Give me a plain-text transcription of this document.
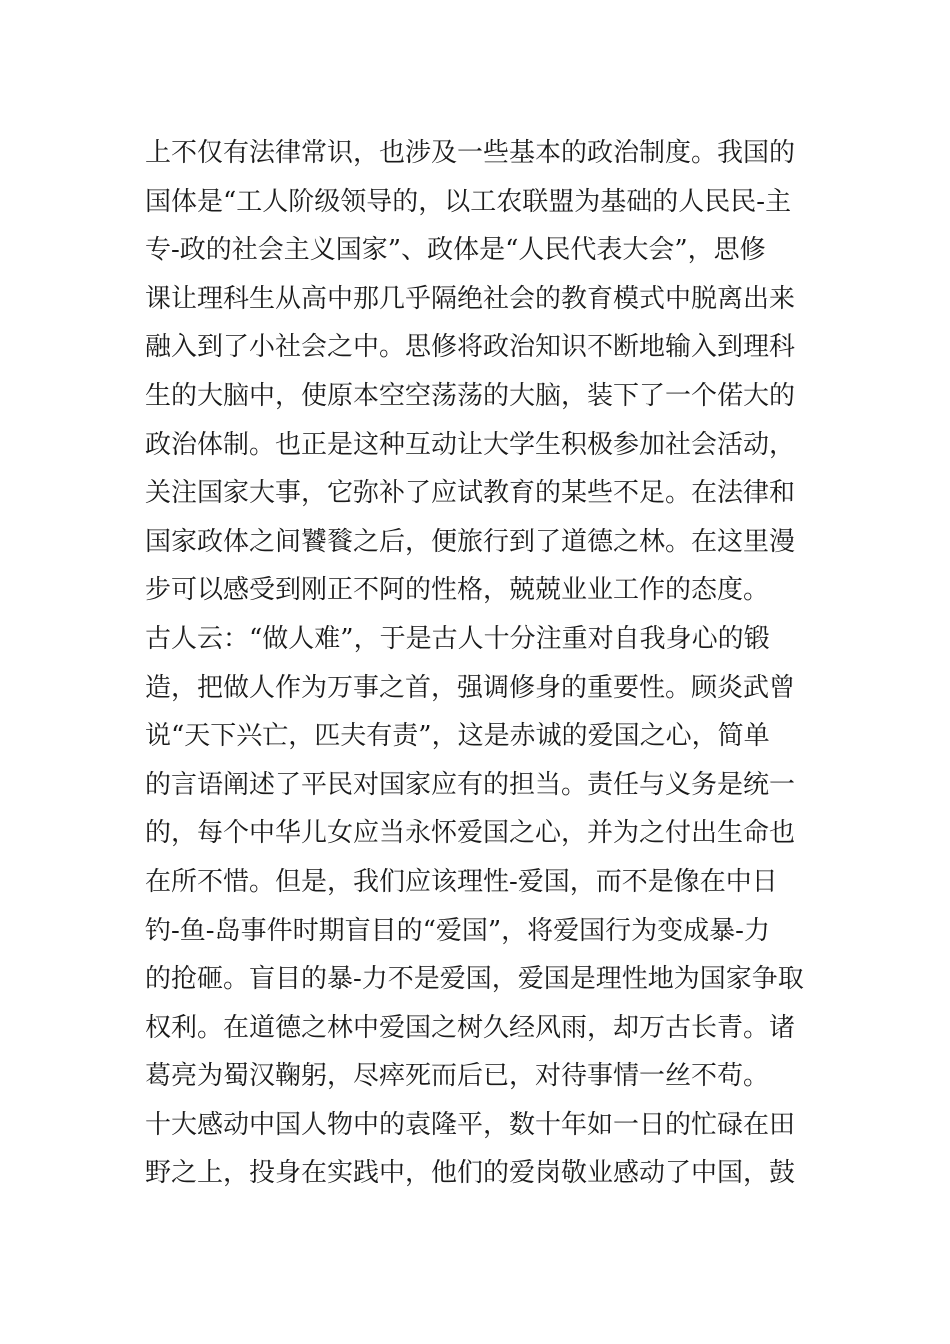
上不仅有法律常识，也涉及一些基本的政治制度。我国的
国体是“工人阶级领导的，以工农联盟为基础的人民民-主
专-政的社会主义国家”、政体是“人民代表大会”，思修
课让理科生从高中那几乎隔绝社会的教育模式中脱离出来
融入到了小社会之中。思修将政治知识不断地输入到理科
生的大脑中，使原本空空荡荡的大脑，装下了一个偌大的
政治体制。也正是这种互动让大学生积极参加社会活动，
关注国家大事，它弥补了应试教育的某些不足。在法律和
国家政体之间饕餮之后，便旅行到了道德之林。在这里漫
步可以感受到刚正不阿的性格，兢兢业业工作的态度。
古人云：“做人难”，于是古人十分注重对自我身心的锻
造，把做人作为万事之首，强调修身的重要性。顾炎武曾
说“天下兴亡，匹夫有责”，这是赤诚的爱国之心，简单
的言语阐述了平民对国家应有的担当。责任与义务是统一
的，每个中华儿女应当永怀爱国之心，并为之付出生命也
在所不惜。但是，我们应该理性-爱国，而不是像在中日
钓-鱼-岛事件时期盲目的“爱国”，将爱国行为变成暴-力
的抢砸。盲目的暴-力不是爱国，爱国是理性地为国家争取
权利。在道德之林中爱国之树久经风雨，却万古长青。诸
葛亮为蜀汉鞠躬，尽瘁死而后已，对待事情一丝不苟。
十大感动中国人物中的袁隆平，数十年如一日的忙碌在田
野之上，投身在实践中，他们的爱岗敬业感动了中国，鼓
